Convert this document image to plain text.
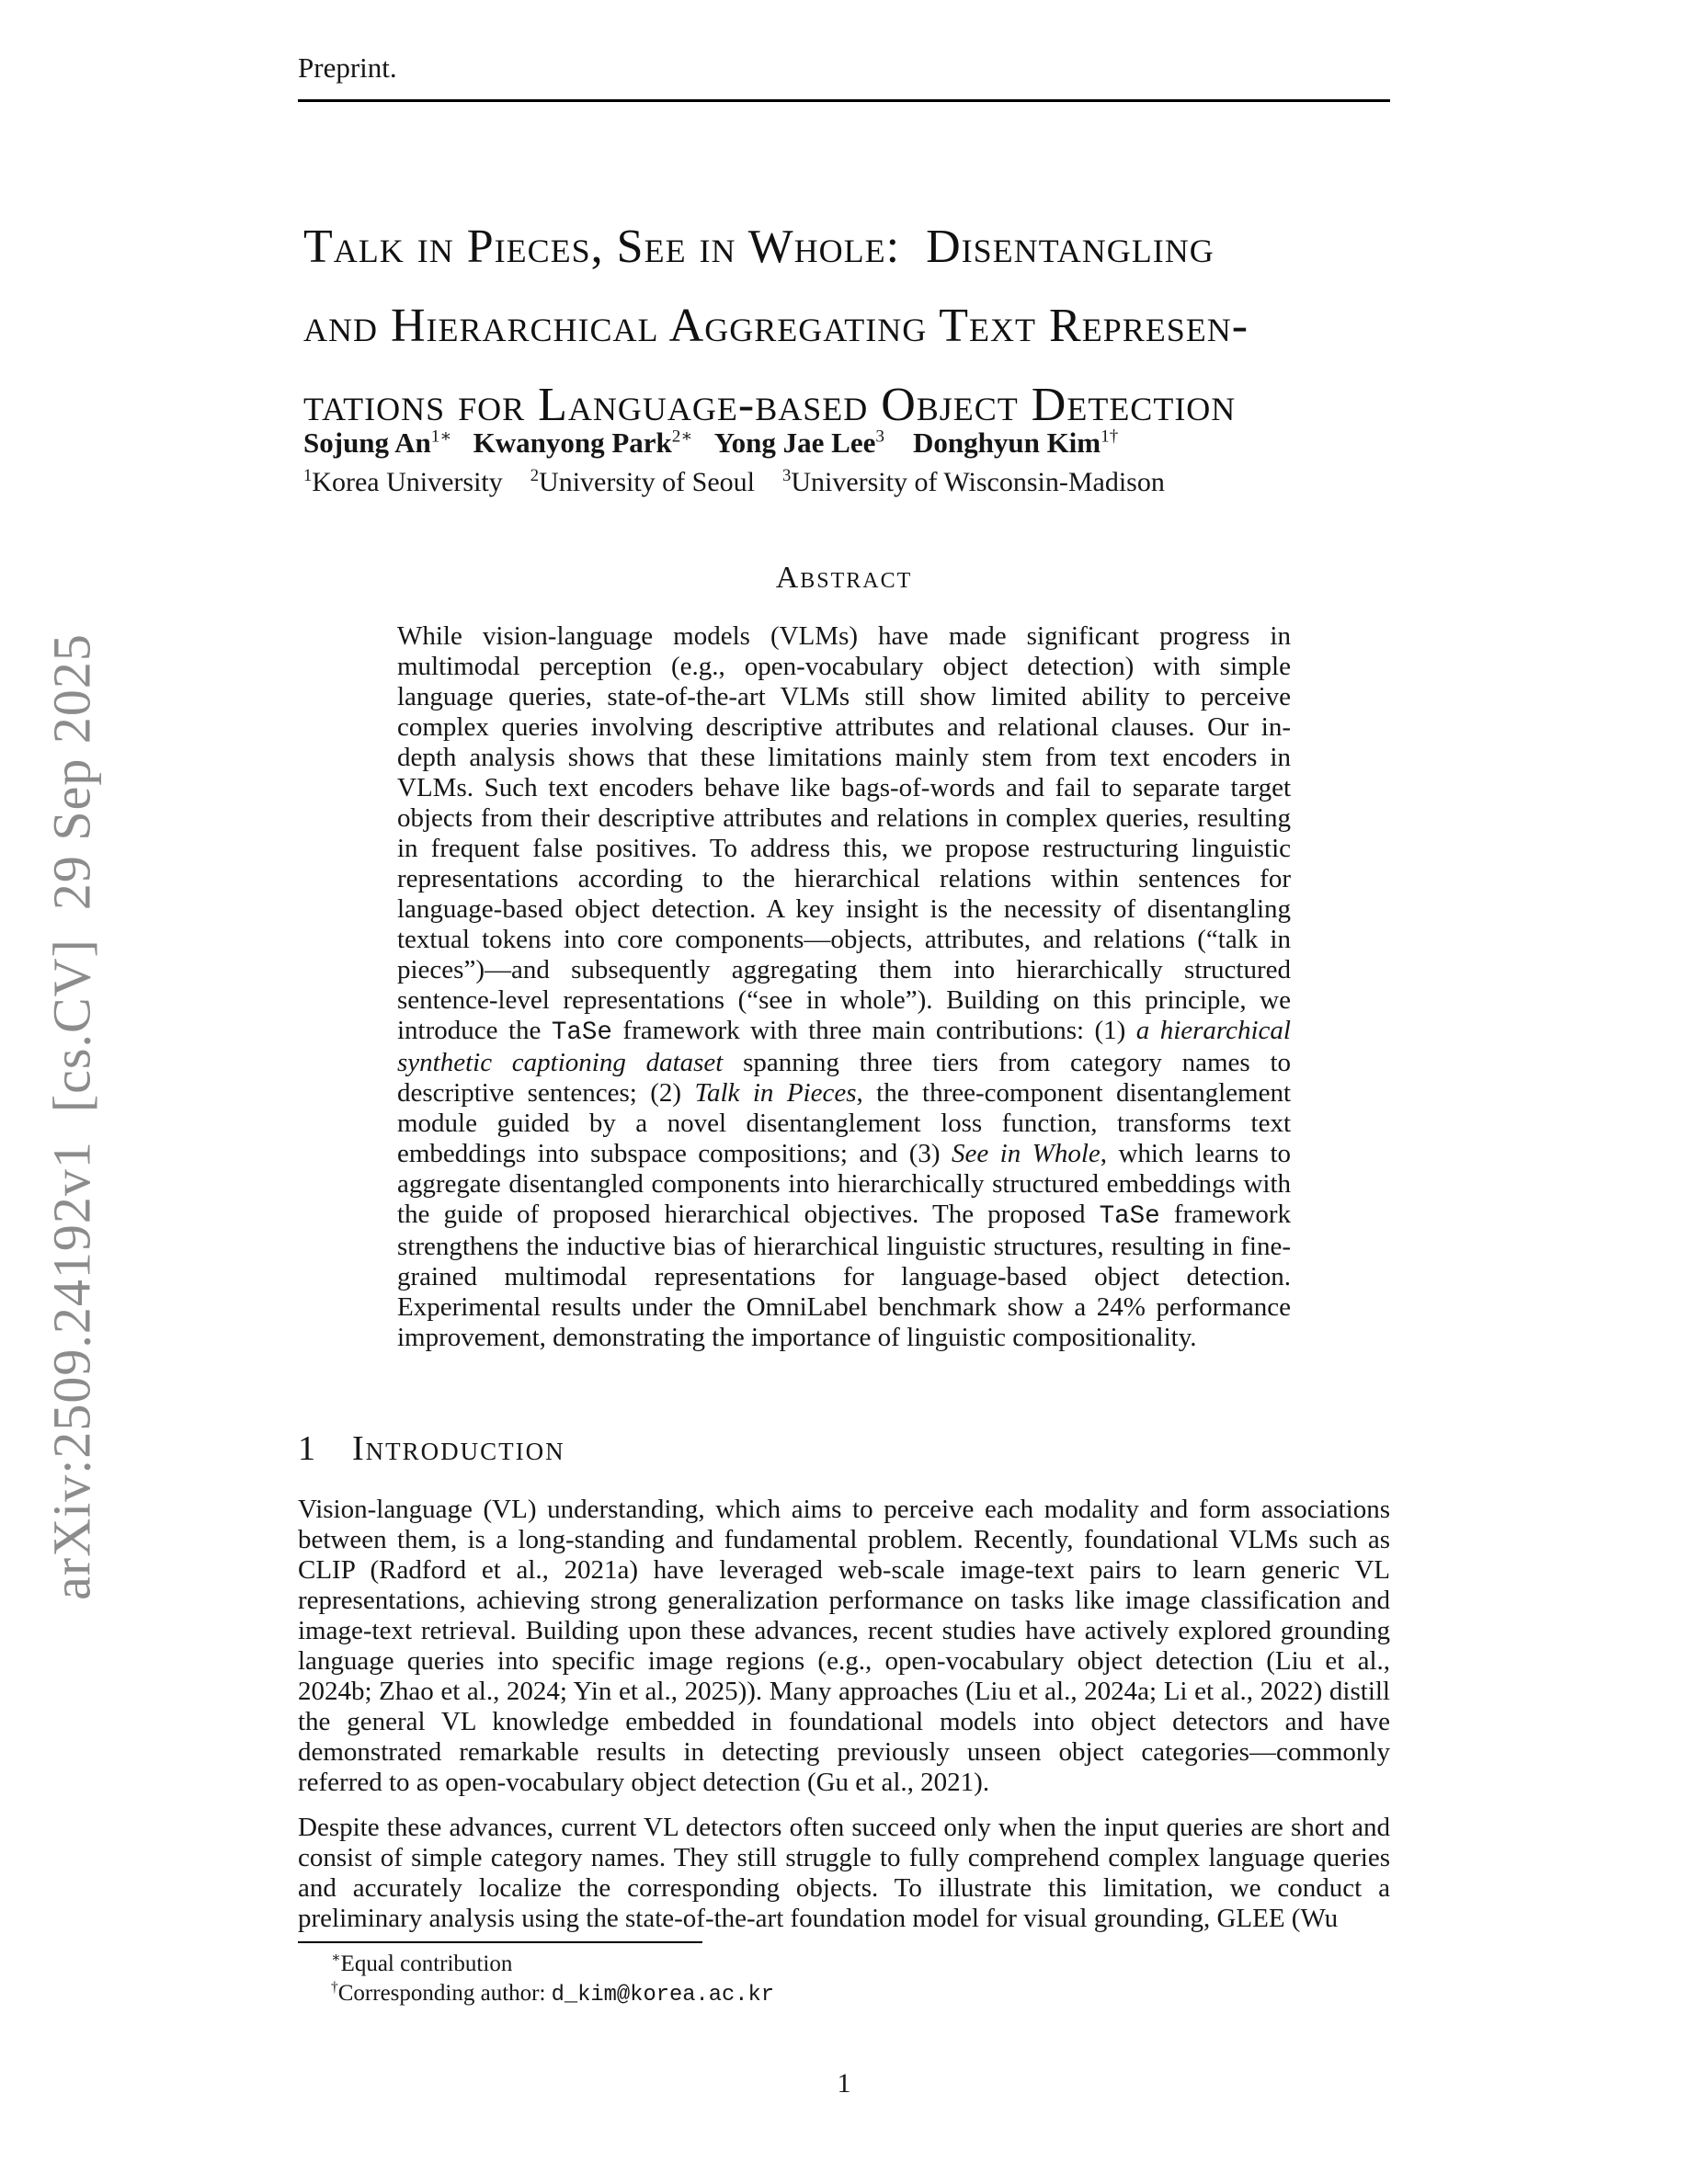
arXiv:2509.24192v1  [cs.CV]  29 Sep 2025
Preprint.
Talk in Pieces, See in Whole:  Disentangling
and Hierarchical Aggregating Text Represen-
tations for Language-based Object Detection
Sojung $An^{1∗}$ Kwanyong Park$^{2∗}$ Yong Jae Lee$^3$ Donghyun Kim$^{1\dagger}$
$^1$Korea University    $^2$University of Seoul    $^3$University of Wisconsin-Madison
Abstract
While vision-language models (VLMs) have made significant progress in multimodal perception (e.g., open-vocabulary object detection) with simple language queries, state-of-the-art VLMs still show limited ability to perceive complex queries involving descriptive attributes and relational clauses. Our in-depth analysis shows that these limitations mainly stem from text encoders in VLMs. Such text encoders behave like bags-of-words and fail to separate target objects from their descriptive attributes and relations in complex queries, resulting in frequent false positives. To address this, we propose restructuring linguistic representations according to the hierarchical relations within sentences for language-based object detection. A key insight is the necessity of disentangling textual tokens into core components—objects, attributes, and relations (“talk in pieces”)—and subsequently aggregating them into hierarchically structured sentence-level representations (“see in whole”). Building on this principle, we introduce the TaSe framework with three main contributions: (1) a hierarchical synthetic captioning dataset spanning three tiers from category names to descriptive sentences; (2) Talk in Pieces, the three-component disentanglement module guided by a novel disentanglement loss function, transforms text embeddings into subspace compositions; and (3) See in Whole, which learns to aggregate disentangled components into hierarchically structured embeddings with the guide of proposed hierarchical objectives. The proposed TaSe framework strengthens the inductive bias of hierarchical linguistic structures, resulting in fine-grained multimodal representations for language-based object detection. Experimental results under the OmniLabel benchmark show a 24% performance improvement, demonstrating the importance of linguistic compositionality.
1 Introduction

Vision-language (VL) understanding, which aims to perceive each modality and form associations between them, is a long-standing and fundamental problem. Recently, foundational VLMs such as CLIP (Radford et al., 2021a) have leveraged web-scale image-text pairs to learn generic VL representations, achieving strong generalization performance on tasks like image classification and image-text retrieval. Building upon these advances, recent studies have actively explored grounding language queries into specific image regions (e.g., open-vocabulary object detection (Liu et al., 2024b; Zhao et al., 2024; Yin et al., 2025)). Many approaches (Liu et al., 2024a; Li et al., 2022) distill the general VL knowledge embedded in foundational models into object detectors and have demonstrated remarkable results in detecting previously unseen object categories—commonly referred to as open-vocabulary object detection (Gu et al., 2021).

Despite these advances, current VL detectors often succeed only when the input queries are short and consist of simple category names. They still struggle to fully comprehend complex language queries and accurately localize the corresponding objects. To illustrate this limitation, we conduct a preliminary analysis using the state-of-the-art foundation model for visual grounding, GLEE (Wu

∗Equal contribution
†Corresponding author: d_kim@korea.ac.kr
1
